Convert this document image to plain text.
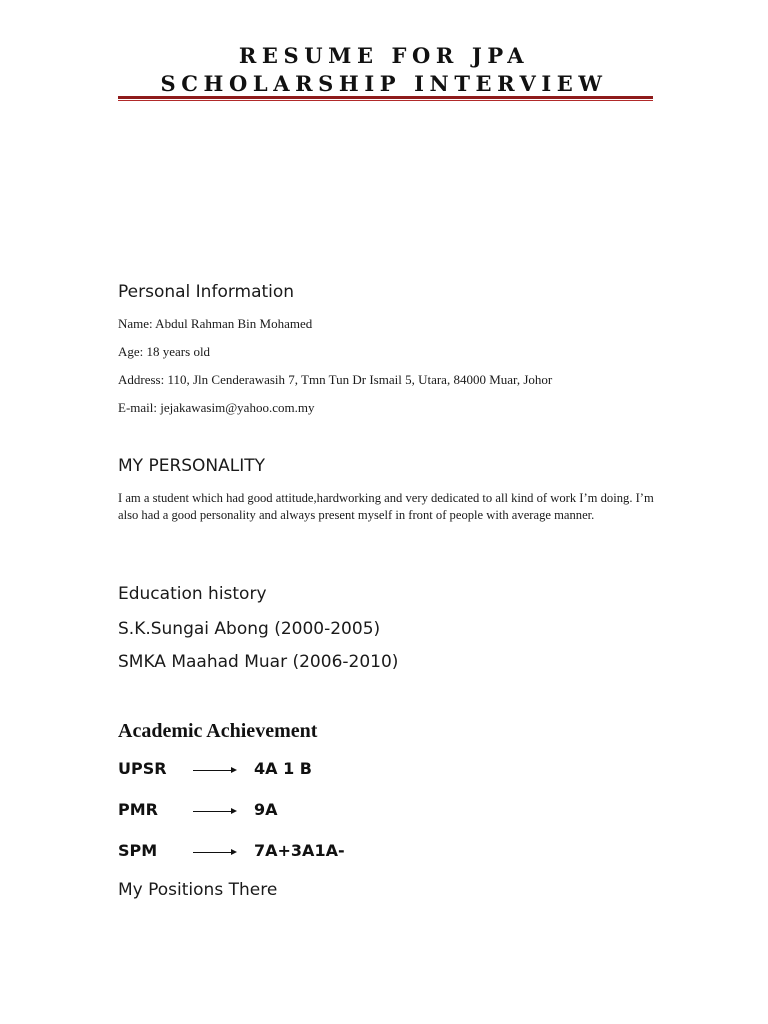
RESUME FOR JPA
SCHOLARSHIP INTERVIEW
Personal Information
Name: Abdul Rahman Bin Mohamed
Age: 18 years old
Address: 110, Jln Cenderawasih 7, Tmn Tun Dr Ismail 5, Utara, 84000 Muar, Johor
E-mail: jejakawasim@yahoo.com.my
MY PERSONALITY
I am a student which had good attitude,hardworking and very dedicated to all kind of work I’m doing. I’m also had a good personality and always present myself in front of people with average manner.
Education history
S.K.Sungai Abong (2000-2005)
SMKA Maahad Muar (2006-2010)
Academic Achievement
UPSR	4A 1 B
PMR	9A
SPM	7A+3A1A-
My Positions There
